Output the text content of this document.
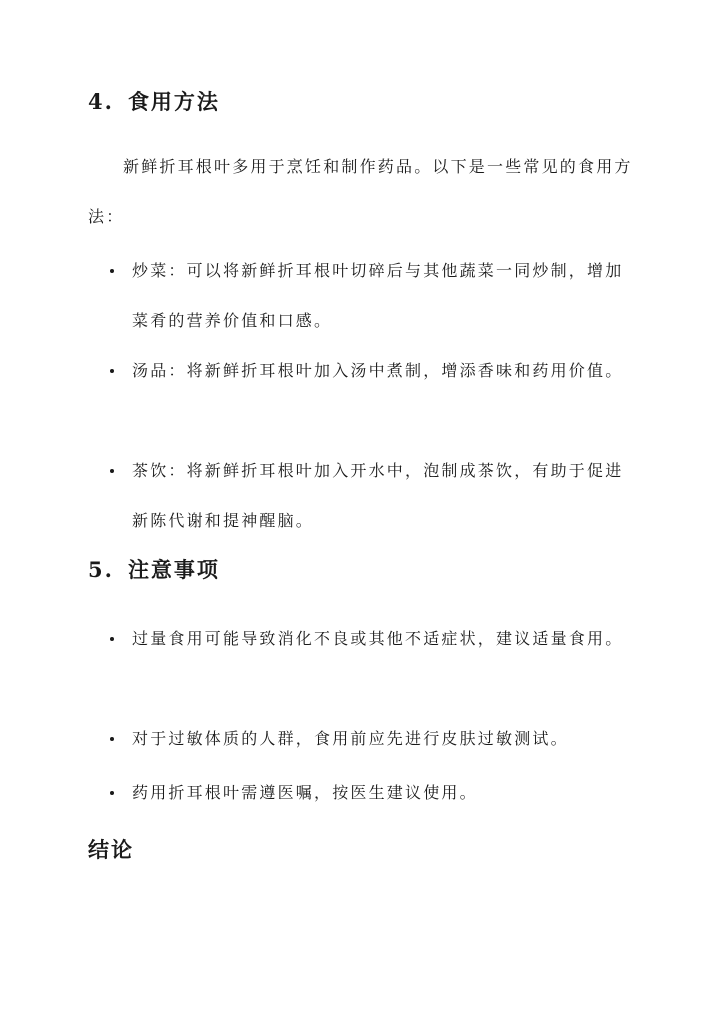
4. 食用方法
新鲜折耳根叶多用于烹饪和制作药品。以下是一些常见的食用方法：
炒菜：可以将新鲜折耳根叶切碎后与其他蔬菜一同炒制，增加菜肴的营养价值和口感。
汤品：将新鲜折耳根叶加入汤中煮制，增添香味和药用价值。
茶饮：将新鲜折耳根叶加入开水中，泡制成茶饮，有助于促进新陈代谢和提神醒脑。
5. 注意事项
过量食用可能导致消化不良或其他不适症状，建议适量食用。
对于过敏体质的人群，食用前应先进行皮肤过敏测试。
药用折耳根叶需遵医嘱，按医生建议使用。
结论
